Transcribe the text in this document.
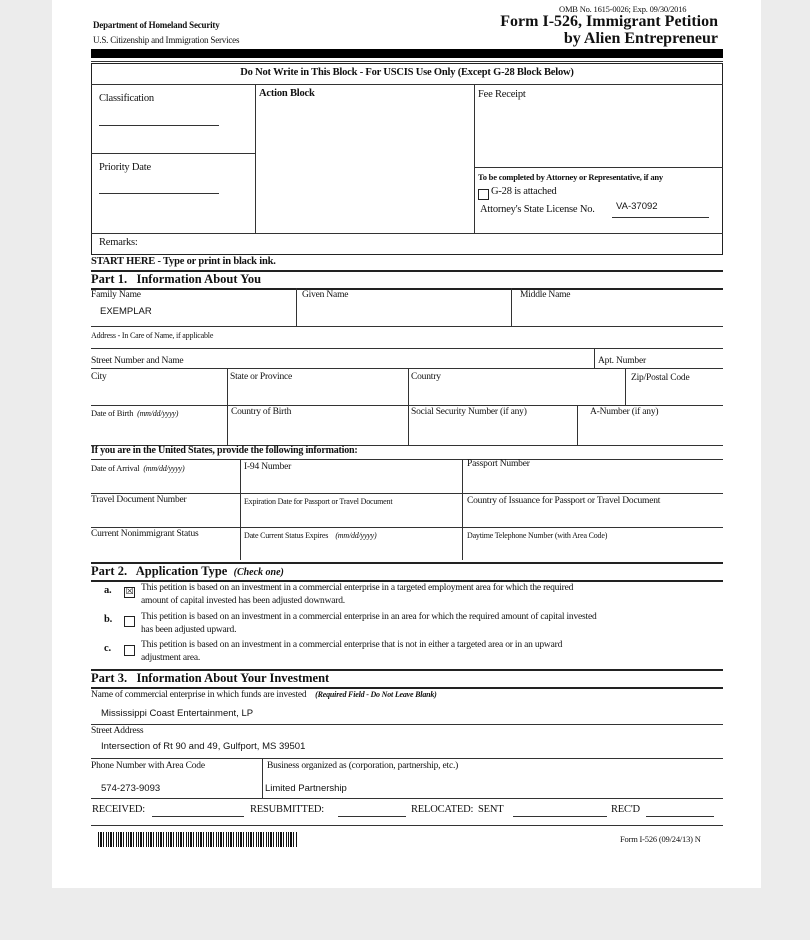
Department of Homeland Security
U.S. Citizenship and Immigration Services
OMB No. 1615-0026; Exp. 09/30/2016
Form I-526, Immigrant Petition
by Alien Entrepreneur
Do Not Write in This Block - For USCIS Use Only (Except G-28 Block Below)
Classification
Priority Date
Action Block	Fee Receipt
To be completed by Attorney or Representative, if any
G-28 is attached
Attorney's State License No. VA-37092
Remarks:
START HERE - Type or print in black ink.
Part 1.   Information About You
Family Name
EXEMPLAR
Given Name	Middle Name
Address - In Care of Name, if applicable
Street Number and Name	Apt. Number
City	State or Province	Country	Zip/Postal Code
Date of Birth (mm/dd/yyyy)	Country of Birth	Social Security Number (if any)	A-Number (if any)
If you are in the United States, provide the following information:
Date of Arrival (mm/dd/yyyy)	I-94 Number	Passport Number
Travel Document Number	Expiration Date for Passport or Travel Document	Country of Issuance for Passport or Travel Document
Current Nonimmigrant Status	Date Current Status Expires (mm/dd/yyyy)	Daytime Telephone Number (with Area Code)
Part 2.   Application Type (Check one)
a. ☒ This petition is based on an investment in a commercial enterprise in a targeted employment area for which the required
amount of capital invested has been adjusted downward.
b.	This petition is based on an investment in a commercial enterprise in an area for which the required amount of capital invested
has been adjusted upward.
c.	This petition is based on an investment in a commercial enterprise that is not in either a targeted area or in an upward
adjustment area.
Part 3.   Information About Your Investment
Name of commercial enterprise in which funds are invested (Required Field - Do Not Leave Blank)
Mississippi Coast Entertainment, LP
Street Address
Intersection of Rt 90 and 49, Gulfport, MS 39501
Phone Number with Area Code
574-273-9093
Business organized as (corporation, partnership, etc.)
Limited Partnership
RECEIVED:	RESUBMITTED:	RELOCATED:  SENT	REC'D
Form I-526 (09/24/13) N
